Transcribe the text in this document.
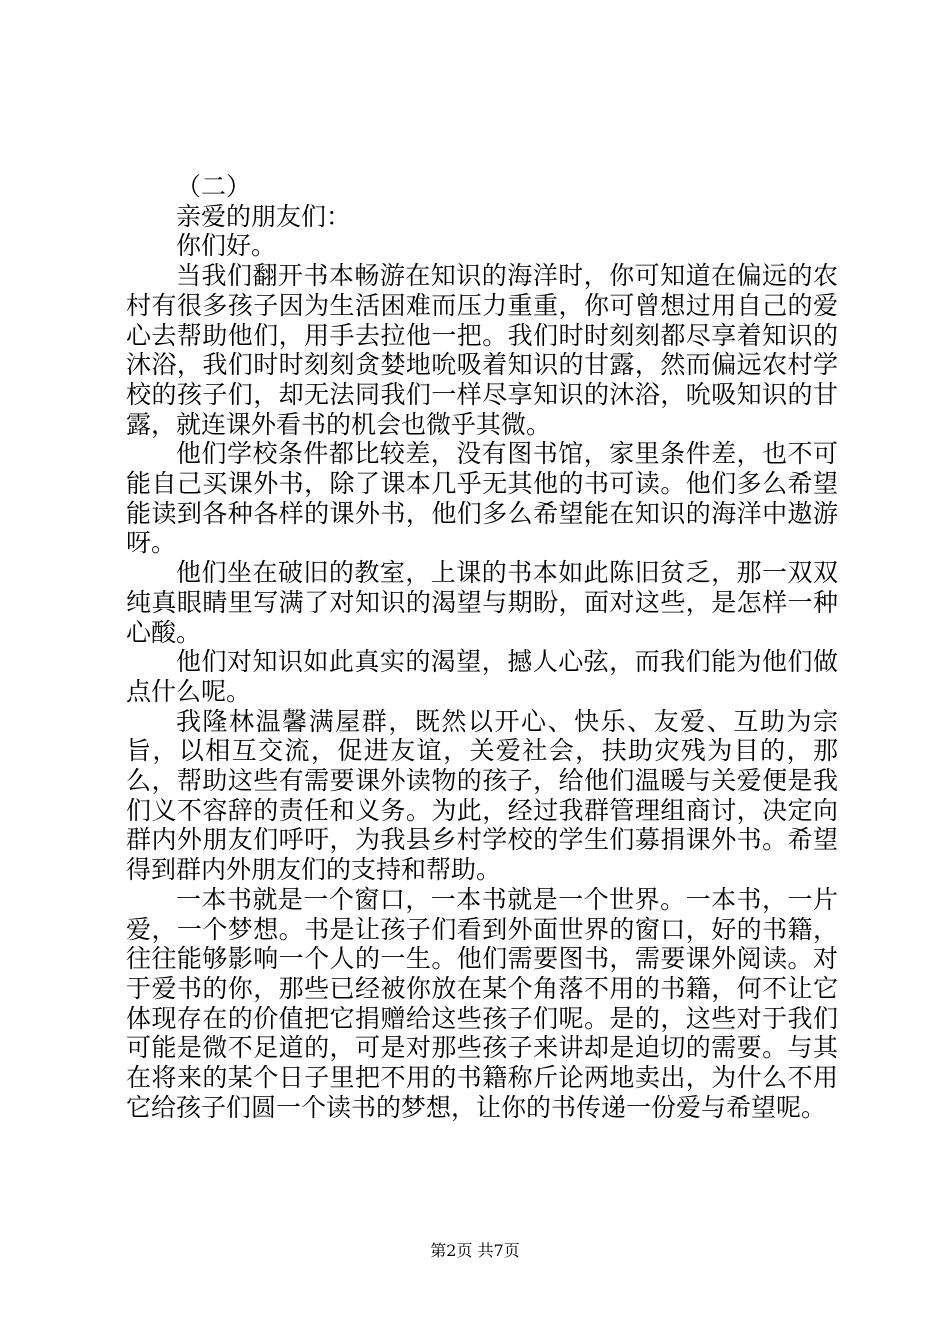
（二）

亲爱的朋友们：

你们好。

当我们翻开书本畅游在知识的海洋时，你可知道在偏远的农村有很多孩子因为生活困难而压力重重，你可曾想过用自己的爱心去帮助他们，用手去拉他一把。我们时时刻刻都尽享着知识的沐浴，我们时时刻刻贪婪地吮吸着知识的甘露，然而偏远农村学校的孩子们，却无法同我们一样尽享知识的沐浴，吮吸知识的甘露，就连课外看书的机会也微乎其微。

他们学校条件都比较差，没有图书馆，家里条件差，也不可能自己买课外书，除了课本几乎无其他的书可读。他们多么希望能读到各种各样的课外书，他们多么希望能在知识的海洋中遨游呀。

他们坐在破旧的教室，上课的书本如此陈旧贫乏，那一双双纯真眼睛里写满了对知识的渴望与期盼，面对这些，是怎样一种心酸。

他们对知识如此真实的渴望，撼人心弦，而我们能为他们做点什么呢。

我隆林温馨满屋群，既然以开心、快乐、友爱、互助为宗旨，以相互交流，促进友谊，关爱社会，扶助灾残为目的，那么，帮助这些有需要课外读物的孩子，给他们温暖与关爱便是我们义不容辞的责任和义务。为此，经过我群管理组商讨，决定向群内外朋友们呼吁，为我县乡村学校的学生们募捐课外书。希望得到群内外朋友们的支持和帮助。

一本书就是一个窗口，一本书就是一个世界。一本书，一片爱，一个梦想。书是让孩子们看到外面世界的窗口，好的书籍，往往能够影响一个人的一生。他们需要图书，需要课外阅读。对于爱书的你，那些已经被你放在某个角落不用的书籍，何不让它体现存在的价值把它捐赠给这些孩子们呢。是的，这些对于我们可能是微不足道的，可是对那些孩子来讲却是迫切的需要。与其在将来的某个日子里把不用的书籍称斤论两地卖出，为什么不用它给孩子们圆一个读书的梦想，让你的书传递一份爱与希望呢。

第2页 共7页
